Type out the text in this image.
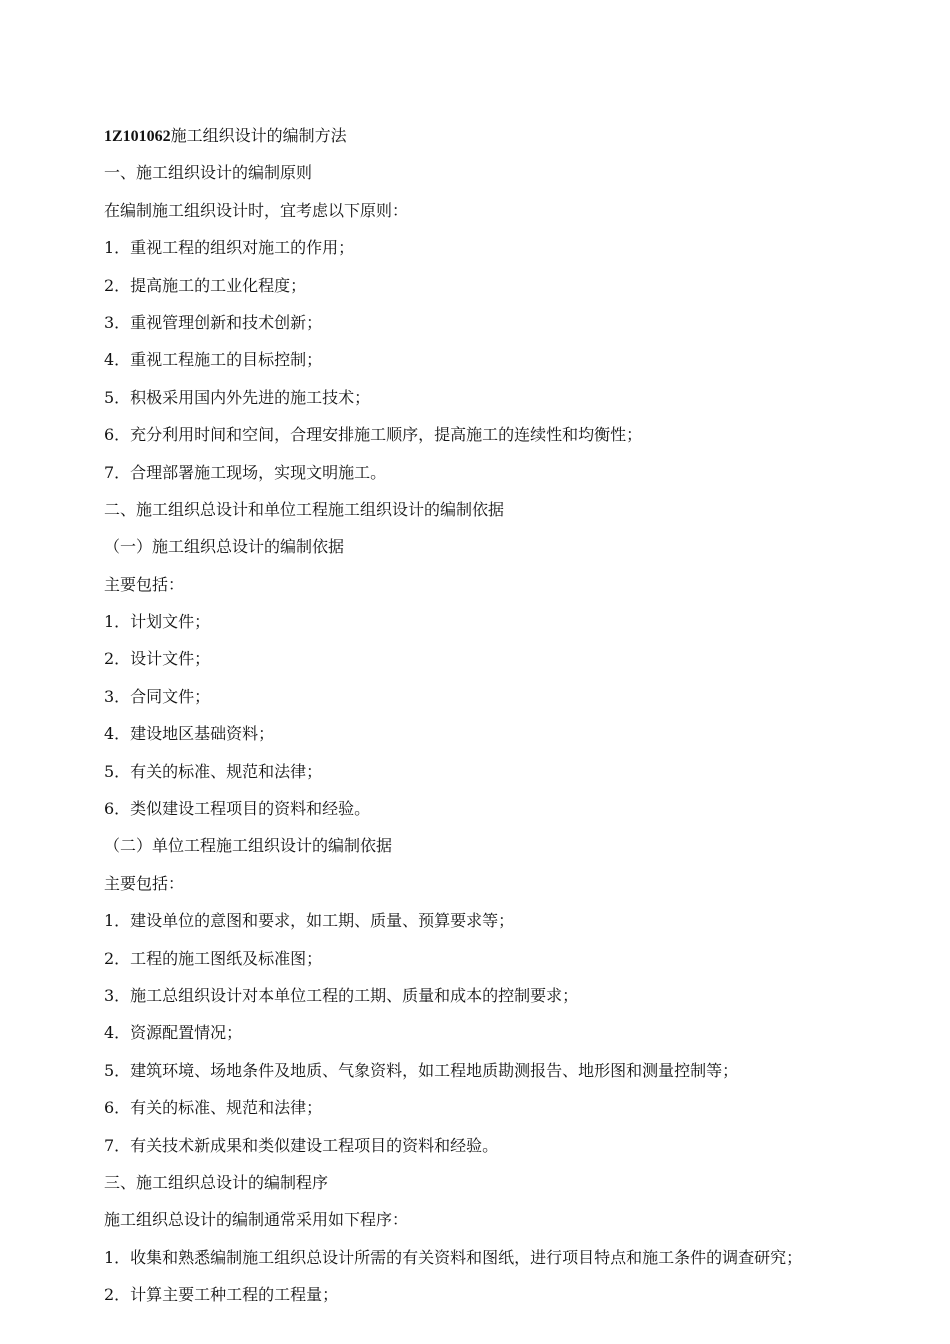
1Z101062施工组织设计的编制方法
一、施工组织设计的编制原则
在编制施工组织设计时，宜考虑以下原则：
1．重视工程的组织对施工的作用；
2．提高施工的工业化程度；
3．重视管理创新和技术创新；
4．重视工程施工的目标控制；
5．积极采用国内外先进的施工技术；
6．充分利用时间和空间，合理安排施工顺序，提高施工的连续性和均衡性；
7．合理部署施工现场，实现文明施工。
二、施工组织总设计和单位工程施工组织设计的编制依据
（一）施工组织总设计的编制依据
主要包括：
1．计划文件；
2．设计文件；
3．合同文件；
4．建设地区基础资料；
5．有关的标准、规范和法律；
6．类似建设工程项目的资料和经验。
（二）单位工程施工组织设计的编制依据
主要包括：
1．建设单位的意图和要求，如工期、质量、预算要求等；
2．工程的施工图纸及标准图；
3．施工总组织设计对本单位工程的工期、质量和成本的控制要求；
4．资源配置情况；
5．建筑环境、场地条件及地质、气象资料，如工程地质勘测报告、地形图和测量控制等；
6．有关的标准、规范和法律；
7．有关技术新成果和类似建设工程项目的资料和经验。
三、施工组织总设计的编制程序
施工组织总设计的编制通常采用如下程序：
1．收集和熟悉编制施工组织总设计所需的有关资料和图纸，进行项目特点和施工条件的调查研究；
2．计算主要工种工程的工程量；
